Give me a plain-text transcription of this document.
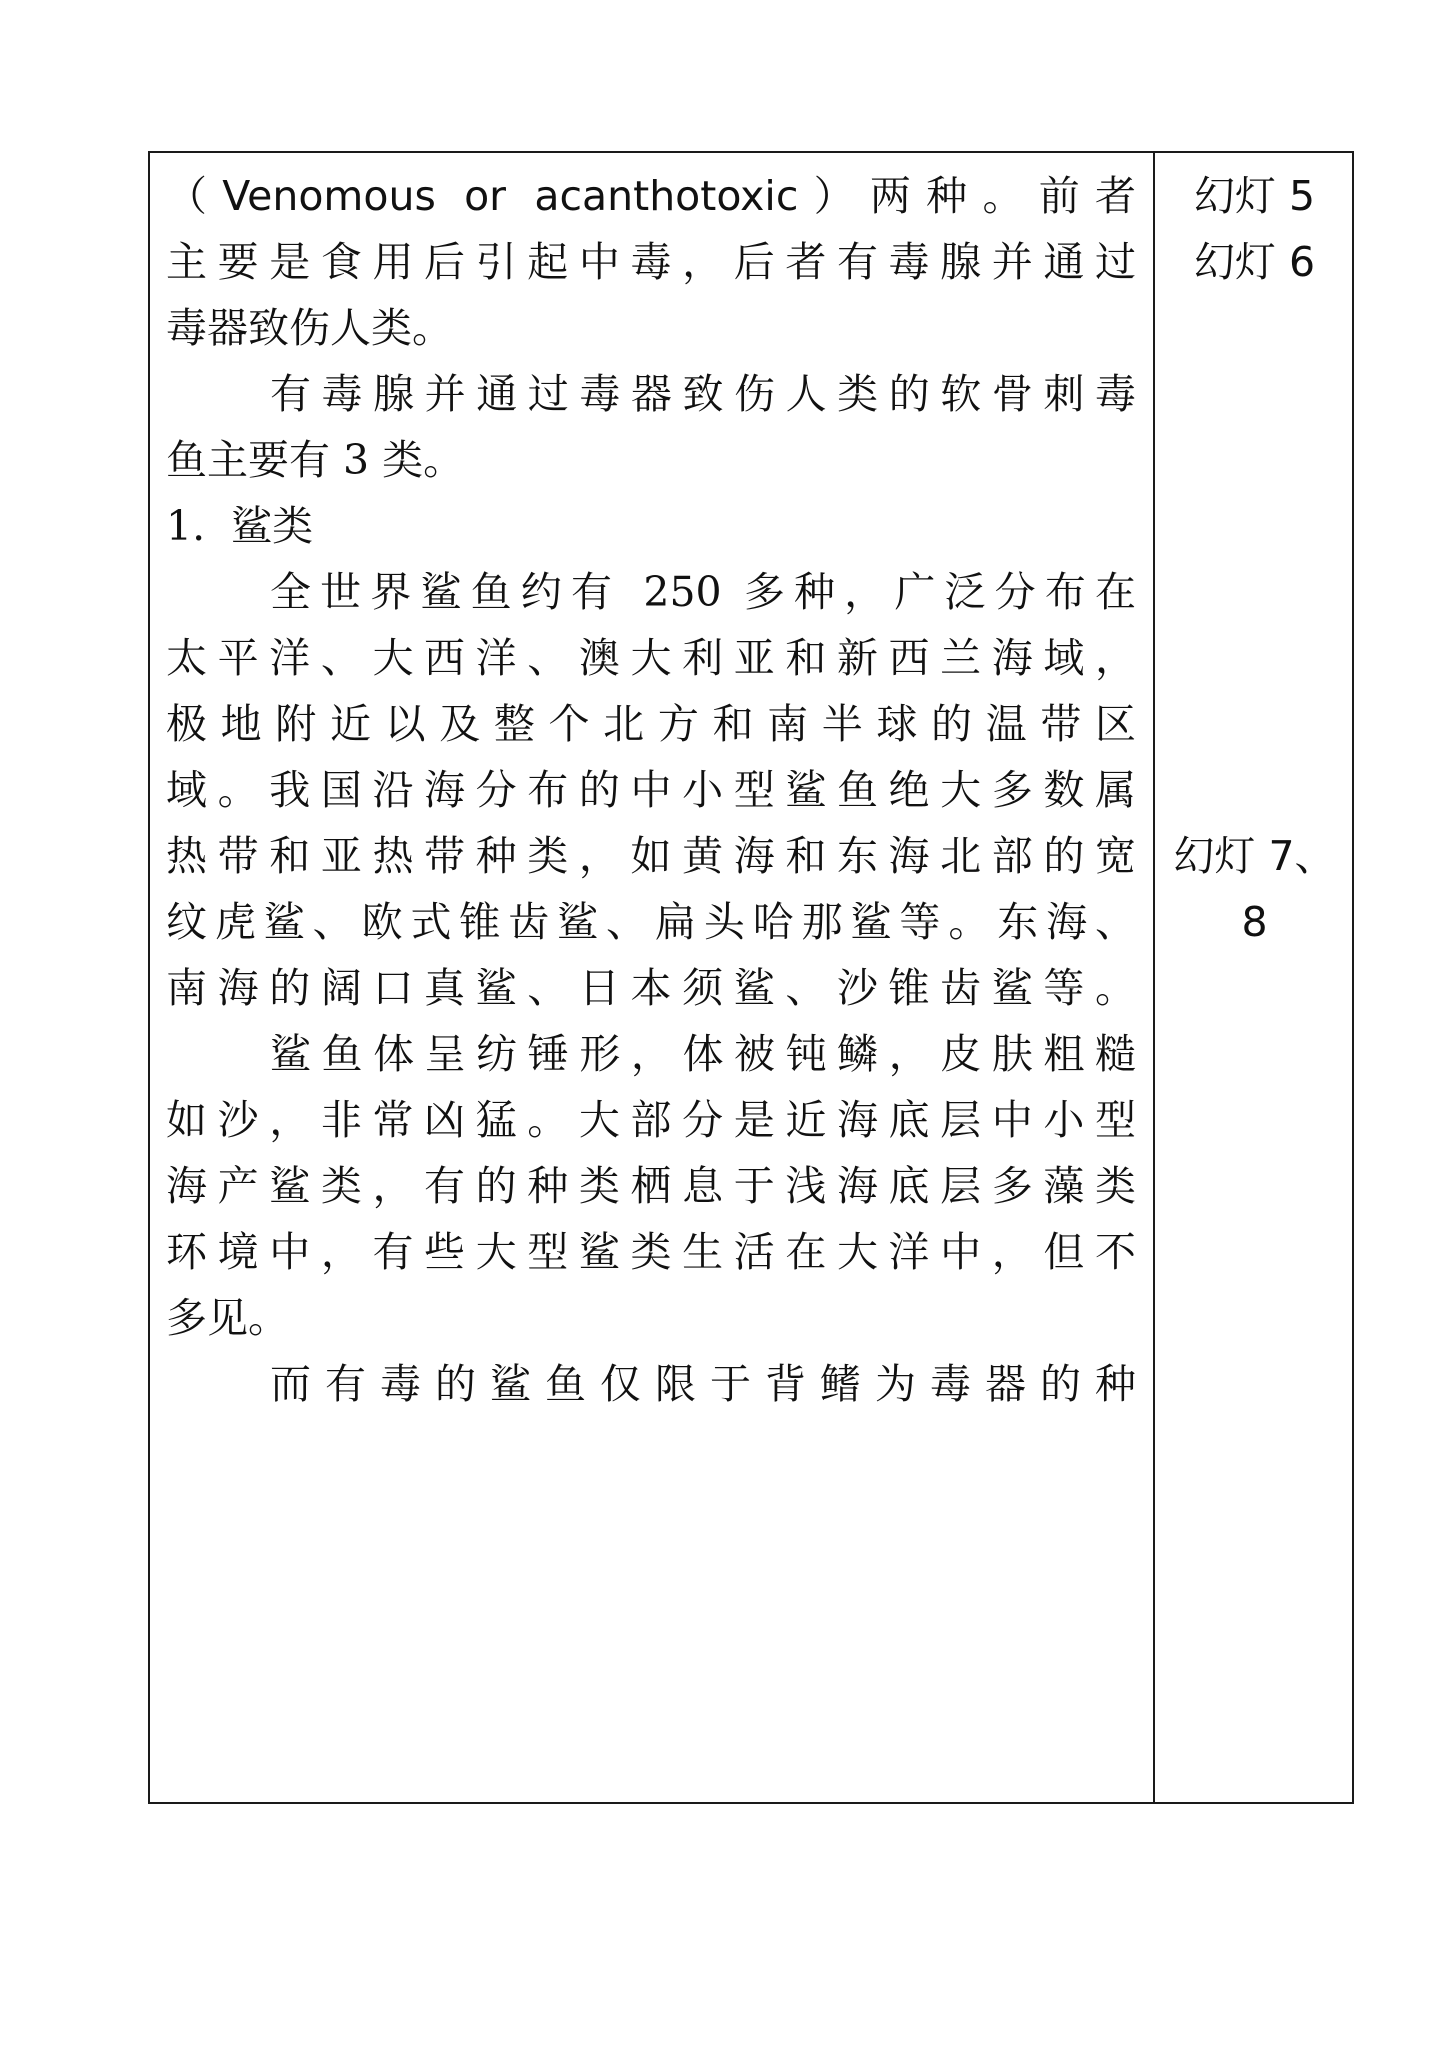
（Venomous or acanthotoxic）两种。前者
主要是食用后引起中毒，后者有毒腺并通过
毒器致伤人类。
有毒腺并通过毒器致伤人类的软骨刺毒
鱼主要有 3 类。
1.  鲨类
全世界鲨鱼约有 250 多种，广泛分布在
太平洋、大西洋、澳大利亚和新西兰海域，
极地附近以及整个北方和南半球的温带区
域。我国沿海分布的中小型鲨鱼绝大多数属
热带和亚热带种类，如黄海和东海北部的宽
纹虎鲨、欧式锥齿鲨、扁头哈那鲨等。东海、
南海的阔口真鲨、日本须鲨、沙锥齿鲨等。
鲨鱼体呈纺锤形，体被钝鳞，皮肤粗糙
如沙，非常凶猛。大部分是近海底层中小型
海产鲨类，有的种类栖息于浅海底层多藻类
环境中，有些大型鲨类生活在大洋中，但不
多见。
而有毒的鲨鱼仅限于背鳍为毒器的种
幻灯 5
幻灯 6
幻灯 7、
8
